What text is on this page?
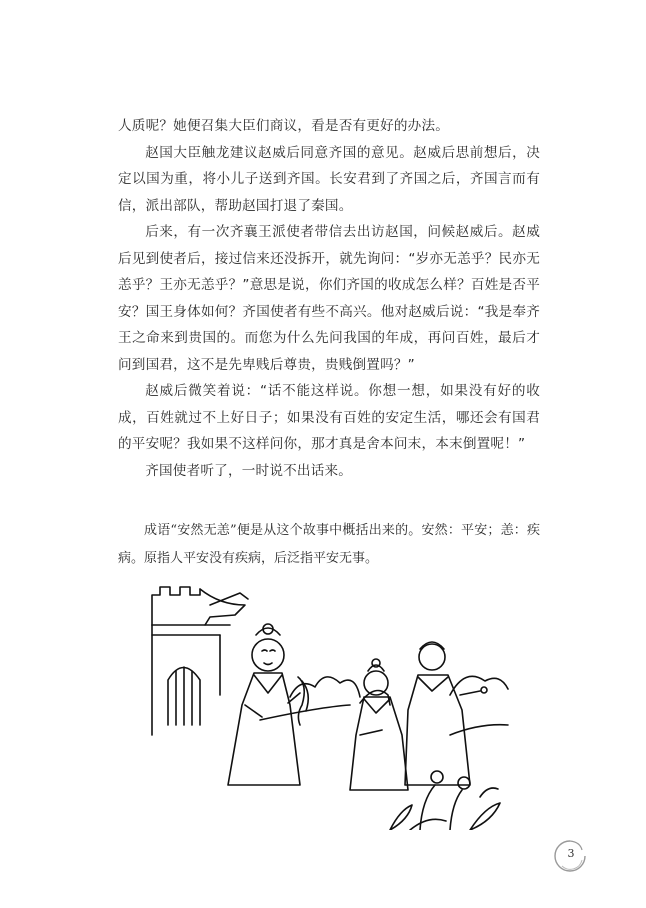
人质呢？她便召集大臣们商议，看是否有更好的办法。

赵国大臣触龙建议赵威后同意齐国的意见。赵威后思前想后，决定以国为重，将小儿子送到齐国。长安君到了齐国之后，齐国言而有信，派出部队，帮助赵国打退了秦国。

后来，有一次齐襄王派使者带信去出访赵国，问候赵威后。赵威后见到使者后，接过信来还没拆开，就先询问：“岁亦无恙乎？民亦无恙乎？王亦无恙乎？”意思是说，你们齐国的收成怎么样？百姓是否平安？国王身体如何？齐国使者有些不高兴。他对赵威后说：“我是奉齐王之命来到贵国的。而您为什么先问我国的年成，再问百姓，最后才问到国君，这不是先卑贱后尊贵，贵贱倒置吗？”

赵威后微笑着说：“话不能这样说。你想一想，如果没有好的收成，百姓就过不上好日子；如果没有百姓的安定生活，哪还会有国君的平安呢？我如果不这样问你，那才真是舍本问末，本末倒置呢！”

齐国使者听了，一时说不出话来。

成语“安然无恙”便是从这个故事中概括出来的。安然：平安；恙：疾病。原指人平安没有疾病，后泛指平安无事。

3
